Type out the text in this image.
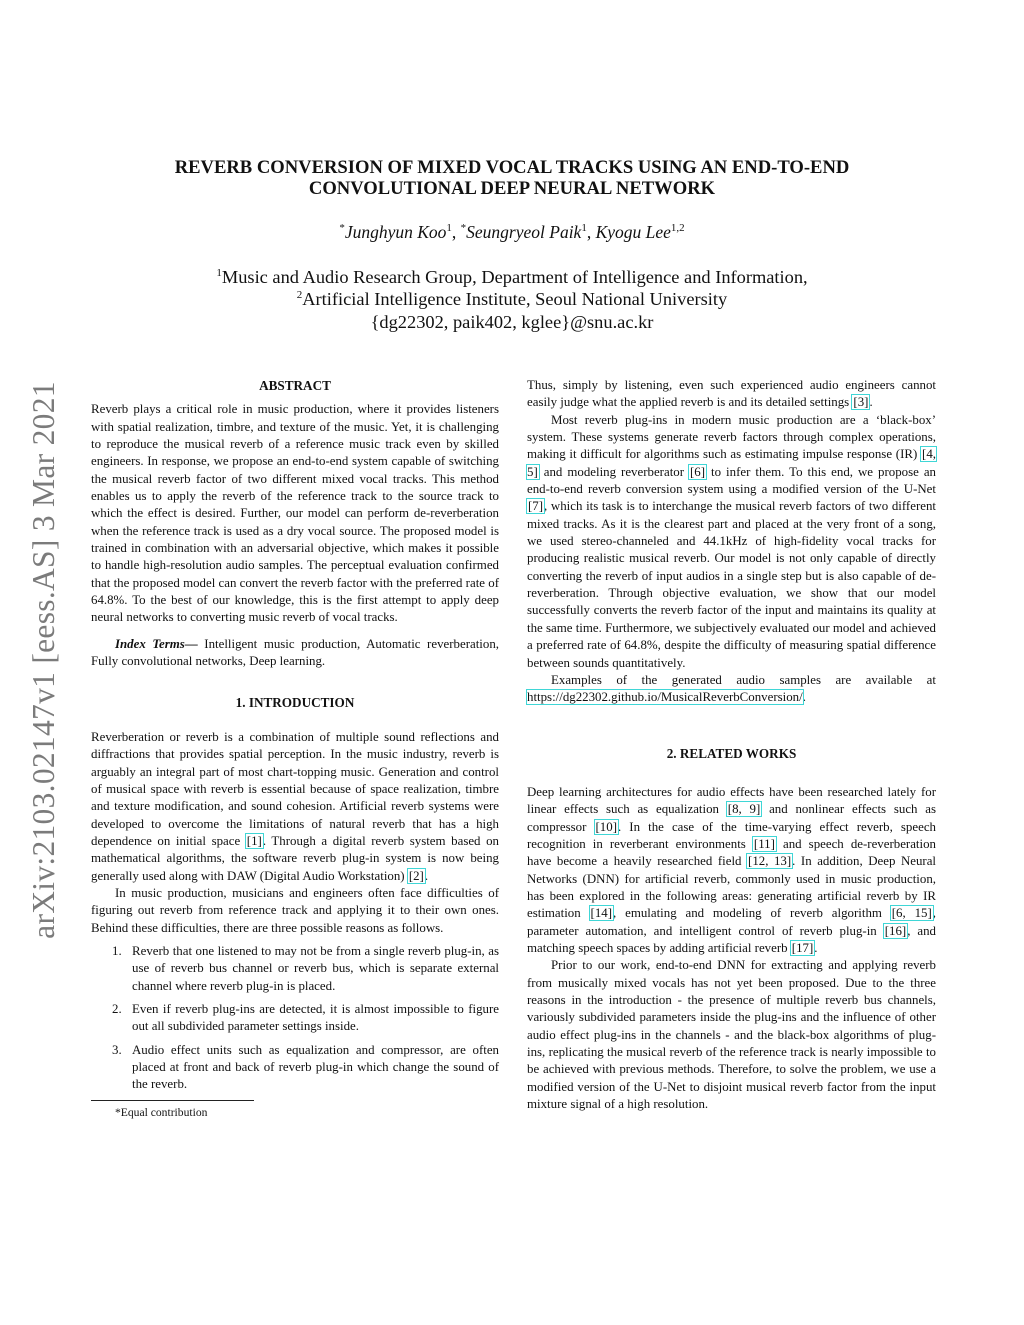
arXiv:2103.02147v1 [eess.AS] 3 Mar 2021
REVERB CONVERSION OF MIXED VOCAL TRACKS USING AN END-TO-END
CONVOLUTIONAL DEEP NEURAL NETWORK
*Junghyun Koo$^1$, *Seungryeol Paik$^1$, Kyogu Lee$^{1,2}$
$^1$Music and Audio Research Group, Department of Intelligence and Information,
$^2$Artificial Intelligence Institute, Seoul National University
{dg22302, paik402, kglee}@snu.ac.kr

ABSTRACT

Reverb plays a critical role in music production, where it provides listeners with spatial realization, timbre, and texture of the music. Yet, it is challenging to reproduce the musical reverb of a reference music track even by skilled engineers. In response, we propose an end-to-end system capable of switching the musical reverb factor of two different mixed vocal tracks. This method enables us to apply the reverb of the reference track to the source track to which the effect is desired. Further, our model can perform de-reverberation when the reference track is used as a dry vocal source. The proposed model is trained in combination with an adversarial objective, which makes it possible to handle high-resolution audio samples. The perceptual evaluation confirmed that the proposed model can convert the reverb factor with the preferred rate of 64.8%. To the best of our knowledge, this is the first attempt to apply deep neural networks to converting music reverb of vocal tracks.

Index Terms— Intelligent music production, Automatic reverberation, Fully convolutional networks, Deep learning.

1. INTRODUCTION

Reverberation or reverb is a combination of multiple sound reflections and diffractions that provides spatial perception. In the music industry, reverb is arguably an integral part of most chart-topping music. Generation and control of musical space with reverb is essential because of space realization, timbre and texture modification, and sound cohesion. Artificial reverb systems were developed to overcome the limitations of natural reverb that has a high dependence on initial space [1]. Through a digital reverb system based on mathematical algorithms, the software reverb plug-in system is now being generally used along with DAW (Digital Audio Workstation) [2].

In music production, musicians and engineers often face difficulties of figuring out reverb from reference track and applying it to their own ones. Behind these difficulties, there are three possible reasons as follows.

1. Reverb that one listened to may not be from a single reverb plug-in, as use of reverb bus channel or reverb bus, which is separate external channel where reverb plug-in is placed.
2. Even if reverb plug-ins are detected, it is almost impossible to figure out all subdivided parameter settings inside.
3. Audio effect units such as equalization and compressor, are often placed at front and back of reverb plug-in which change the sound of the reverb.
*Equal contribution

Thus, simply by listening, even such experienced audio engineers cannot easily judge what the applied reverb is and its detailed settings [3].

Most reverb plug-ins in modern music production are a ‘black-box’ system. These systems generate reverb factors through complex operations, making it difficult for algorithms such as estimating impulse response (IR) [4, 5] and modeling reverberator [6] to infer them. To this end, we propose an end-to-end reverb conversion system using a modified version of the U-Net [7], which its task is to interchange the musical reverb factors of two different mixed tracks. As it is the clearest part and placed at the very front of a song, we used stereo-channeled and 44.1kHz of high-fidelity vocal tracks for producing realistic musical reverb. Our model is not only capable of directly converting the reverb of input audios in a single step but is also capable of de-reverberation. Through objective evaluation, we show that our model successfully converts the reverb factor of the input and maintains its quality at the same time. Furthermore, we subjectively evaluated our model and achieved a preferred rate of 64.8%, despite the difficulty of measuring spatial difference between sounds quantitatively.

Examples of the generated audio samples are available at https://dg22302.github.io/MusicalReverbConversion/.

2. RELATED WORKS

Deep learning architectures for audio effects have been researched lately for linear effects such as equalization [8, 9] and nonlinear effects such as compressor [10]. In the case of the time-varying effect reverb, speech recognition in reverberant environments [11] and speech de-reverberation have become a heavily researched field [12, 13]. In addition, Deep Neural Networks (DNN) for artificial reverb, commonly used in music production, has been explored in the following areas: generating artificial reverb by IR estimation [14], emulating and modeling of reverb algorithm [6, 15], parameter automation, and intelligent control of reverb plug-in [16], and matching speech spaces by adding artificial reverb [17].

Prior to our work, end-to-end DNN for extracting and applying reverb from musically mixed vocals has not yet been proposed. Due to the three reasons in the introduction - the presence of multiple reverb bus channels, variously subdivided parameters inside the plug-ins and the influence of other audio effect plug-ins in the channels - and the black-box algorithms of plug-ins, replicating the musical reverb of the reference track is nearly impossible to be achieved with previous methods. Therefore, to solve the problem, we use a modified version of the U-Net to disjoint musical reverb factor from the input mixture signal of a high resolution.
